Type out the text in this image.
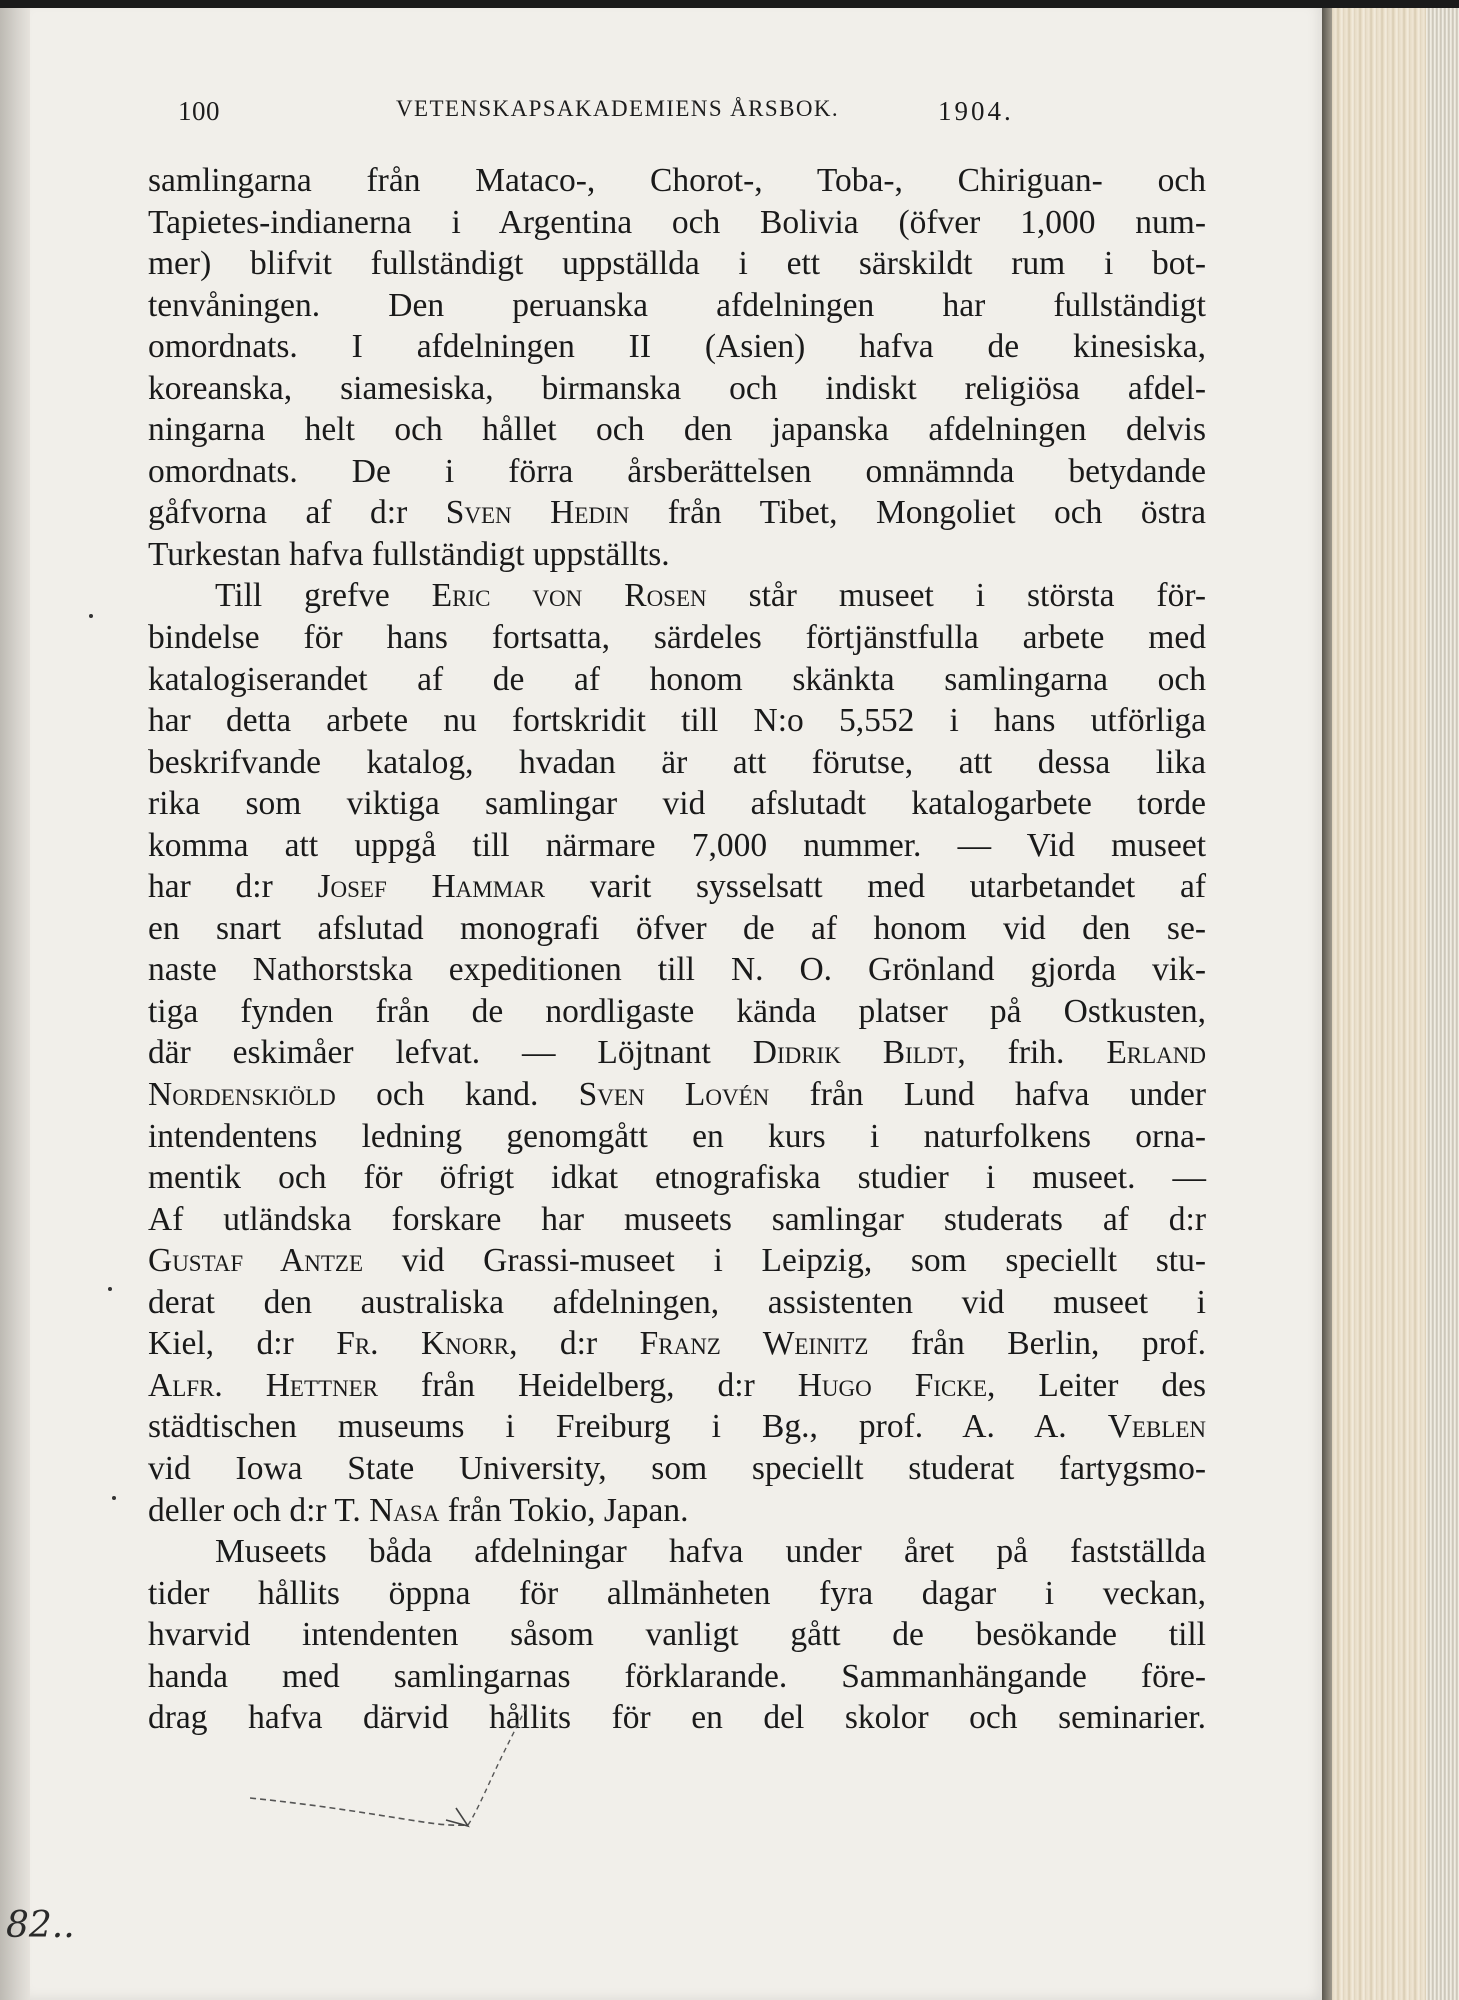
100	VETENSKAPSAKADEMIENS ÅRSBOK.	1904.
samlingarna från Mataco-, Chorot-, Toba-, Chiriguan- och
Tapietes-indianerna i Argentina och Bolivia (öfver 1,000 num-
mer) blifvit fullständigt uppställda i ett särskildt rum i bot-
tenvåningen. Den peruanska afdelningen har fullständigt
omordnats. I afdelningen II (Asien) hafva de kinesiska,
koreanska, siamesiska, birmanska och indiskt religiösa afdel-
ningarna helt och hållet och den japanska afdelningen delvis
omordnats. De i förra årsberättelsen omnämnda betydande
gåfvorna af d:r Sven Hedin från Tibet, Mongoliet och östra
Turkestan hafva fullständigt uppställts.
Till grefve Eric von Rosen står museet i största för-
bindelse för hans fortsatta, särdeles förtjänstfulla arbete med
katalogiserandet af de af honom skänkta samlingarna och
har detta arbete nu fortskridit till N:o 5,552 i hans utförliga
beskrifvande katalog, hvadan är att förutse, att dessa lika
rika som viktiga samlingar vid afslutadt katalogarbete torde
komma att uppgå till närmare 7,000 nummer. — Vid museet
har d:r Josef Hammar varit sysselsatt med utarbetandet af
en snart afslutad monografi öfver de af honom vid den se-
naste Nathorstska expeditionen till N. O. Grönland gjorda vik-
tiga fynden från de nordligaste kända platser på Ostkusten,
där eskimåer lefvat. — Löjtnant Didrik Bildt, frih. Erland
Nordenskiöld och kand. Sven Lovén från Lund hafva under
intendentens ledning genomgått en kurs i naturfolkens orna-
mentik och för öfrigt idkat etnografiska studier i museet. —
Af utländska forskare har museets samlingar studerats af d:r
Gustaf Antze vid Grassi-museet i Leipzig, som speciellt stu-
derat den australiska afdelningen, assistenten vid museet i
Kiel, d:r Fr. Knorr, d:r Franz Weinitz från Berlin, prof.
Alfr. Hettner från Heidelberg, d:r Hugo Ficke, Leiter des
städtischen museums i Freiburg i Bg., prof. A. A. Veblen
vid Iowa State University, som speciellt studerat fartygsmo-
deller och d:r T. Nasa från Tokio, Japan.
Museets båda afdelningar hafva under året på fastställda
tider hållits öppna för allmänheten fyra dagar i veckan,
hvarvid intendenten såsom vanligt gått de besökande till
handa med samlingarnas förklarande. Sammanhängande före-
drag hafva därvid hållits för en del skolor och seminarier.
82..
